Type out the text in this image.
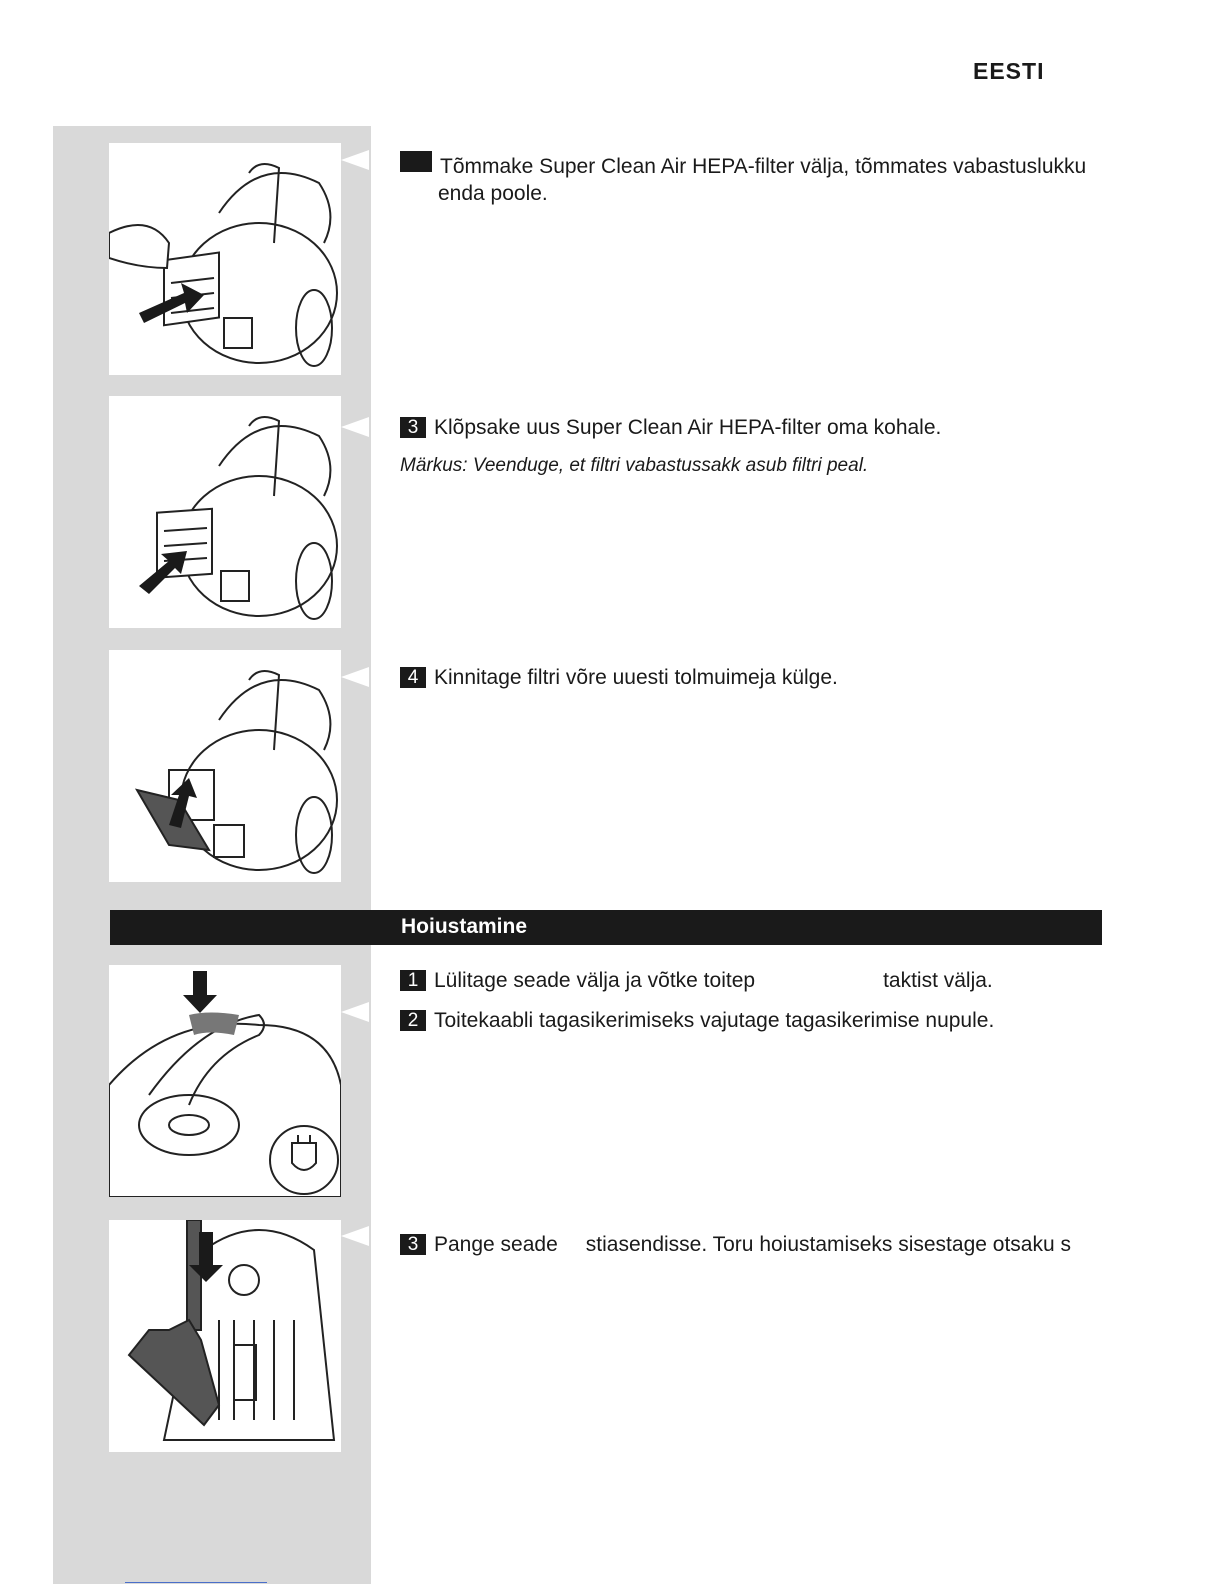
EESTI
Tõmmake Super Clean Air HEPA-filter välja, tõmmates vabastuslukku
enda poole.
3 Klõpsake uus Super Clean Air HEPA-filter oma kohale.
Märkus: Veenduge, et filtri vabastussakk asub filtri peal.
4 Kinnitage filtri võre uuesti tolmuimeja külge.
Hoiustamine
1 Lülitage seade välja ja võtke toitep	taktist välja.
2 Toitekaabli tagasikerimiseks vajutage tagasikerimise nupule.
3 Pange seade stiasendisse. Toru hoiustamiseks sisestage otsaku s
